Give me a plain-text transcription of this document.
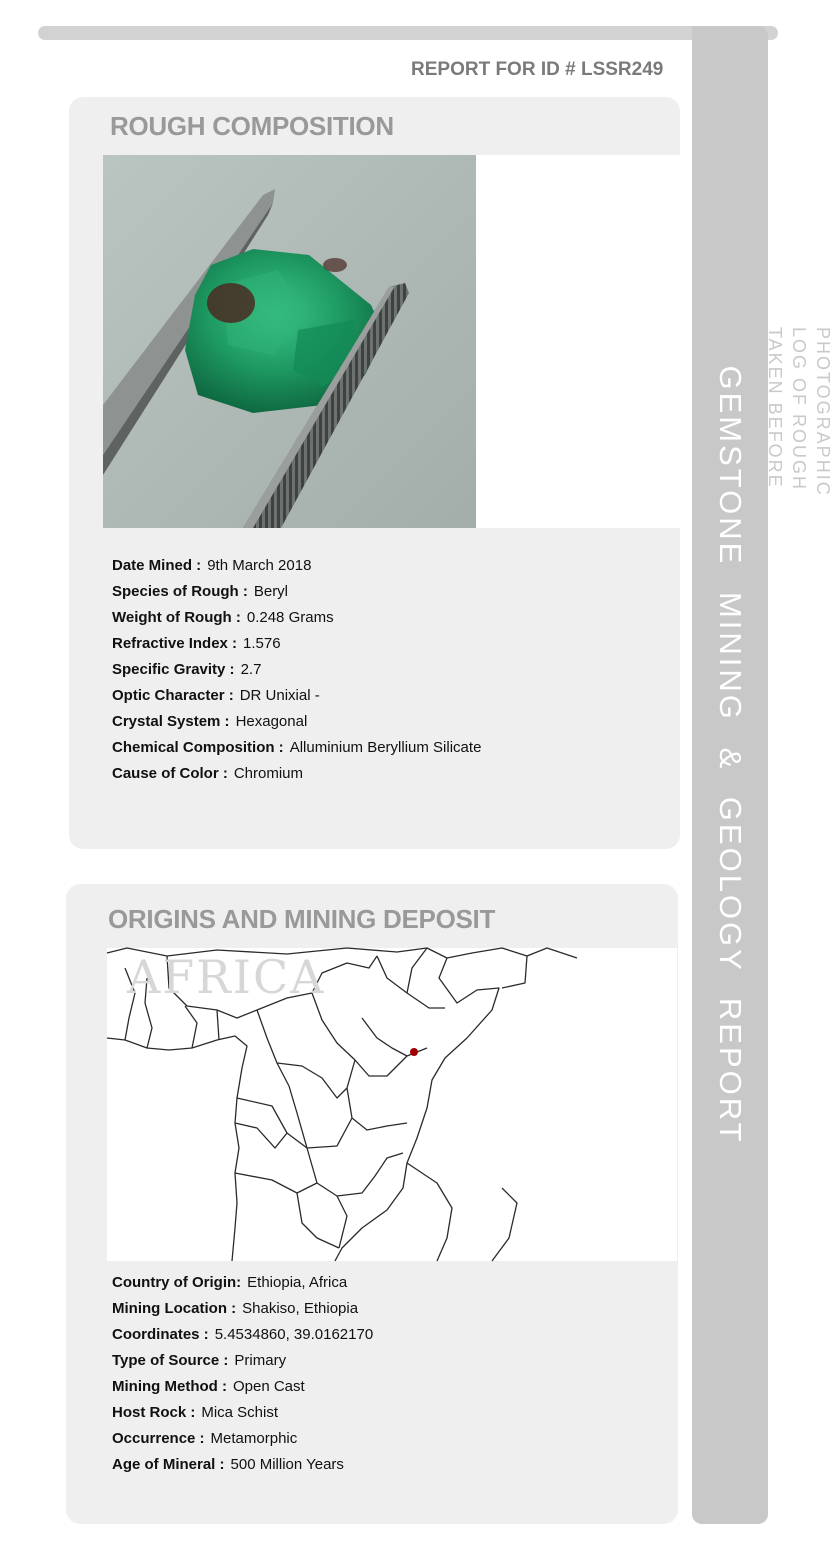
GEMSTONE MINING & GEOLOGY REPORT
REPORT FOR ID # LSSR249
ROUGH COMPOSITION
PHOTOGRAPHIC LOG OF ROUGH
TAKEN BEFORE FACETING
Date Mined : 9th March 2018
Species of Rough : Beryl
Weight of Rough : 0.248 Grams
Refractive Index : 1.576
Specific Gravity : 2.7
Optic Character : DR Unixial -
Crystal System : Hexagonal
Chemical Composition : Alluminium Beryllium Silicate
Cause of Color : Chromium
ORIGINS AND MINING DEPOSIT
AFRICA
Country of Origin: Ethiopia, Africa
Mining Location : Shakiso, Ethiopia
Coordinates : 5.4534860, 39.0162170
Type of Source : Primary
Mining Method : Open Cast
Host Rock : Mica Schist
Occurrence : Metamorphic
Age of Mineral : 500 Million Years
